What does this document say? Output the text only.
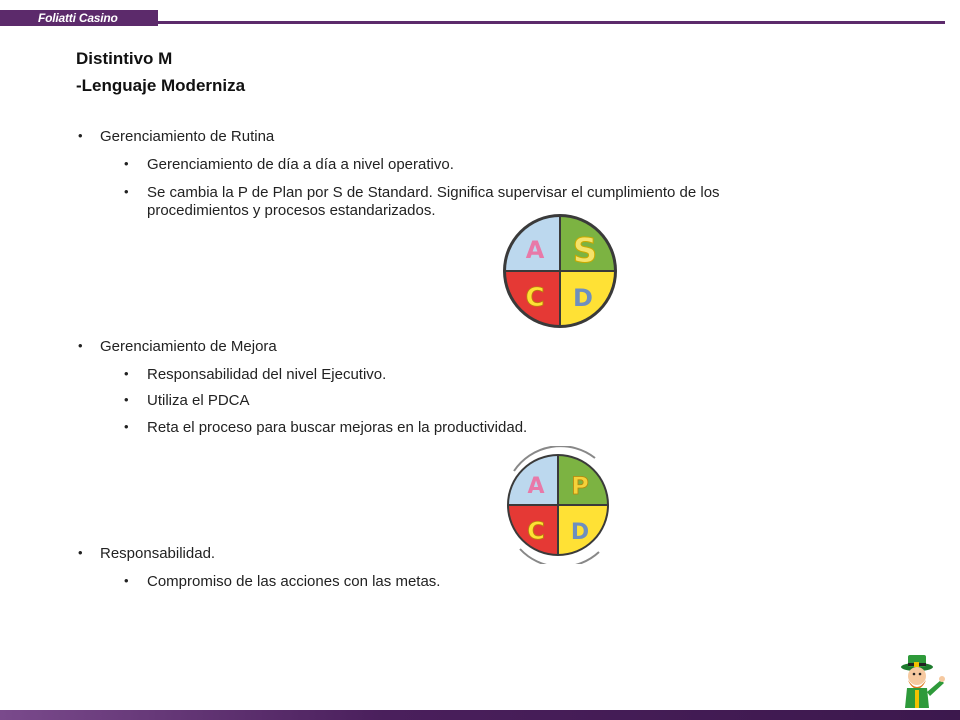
Foliatti Casino
Distintivo M
-Lenguaje Moderniza
• Gerenciamiento de Rutina
• Gerenciamiento de día a día a nivel operativo.
• Se cambia la P de Plan por S de Standard. Significa supervisar el cumplimiento de los procedimientos y procesos estandarizados.
A S
C D
• Gerenciamiento de Mejora
• Responsabilidad del nivel Ejecutivo.
• Utiliza el PDCA
• Reta el proceso para buscar mejoras en la productividad.
A P
C D
• Responsabilidad.
• Compromiso de las acciones con las metas.
